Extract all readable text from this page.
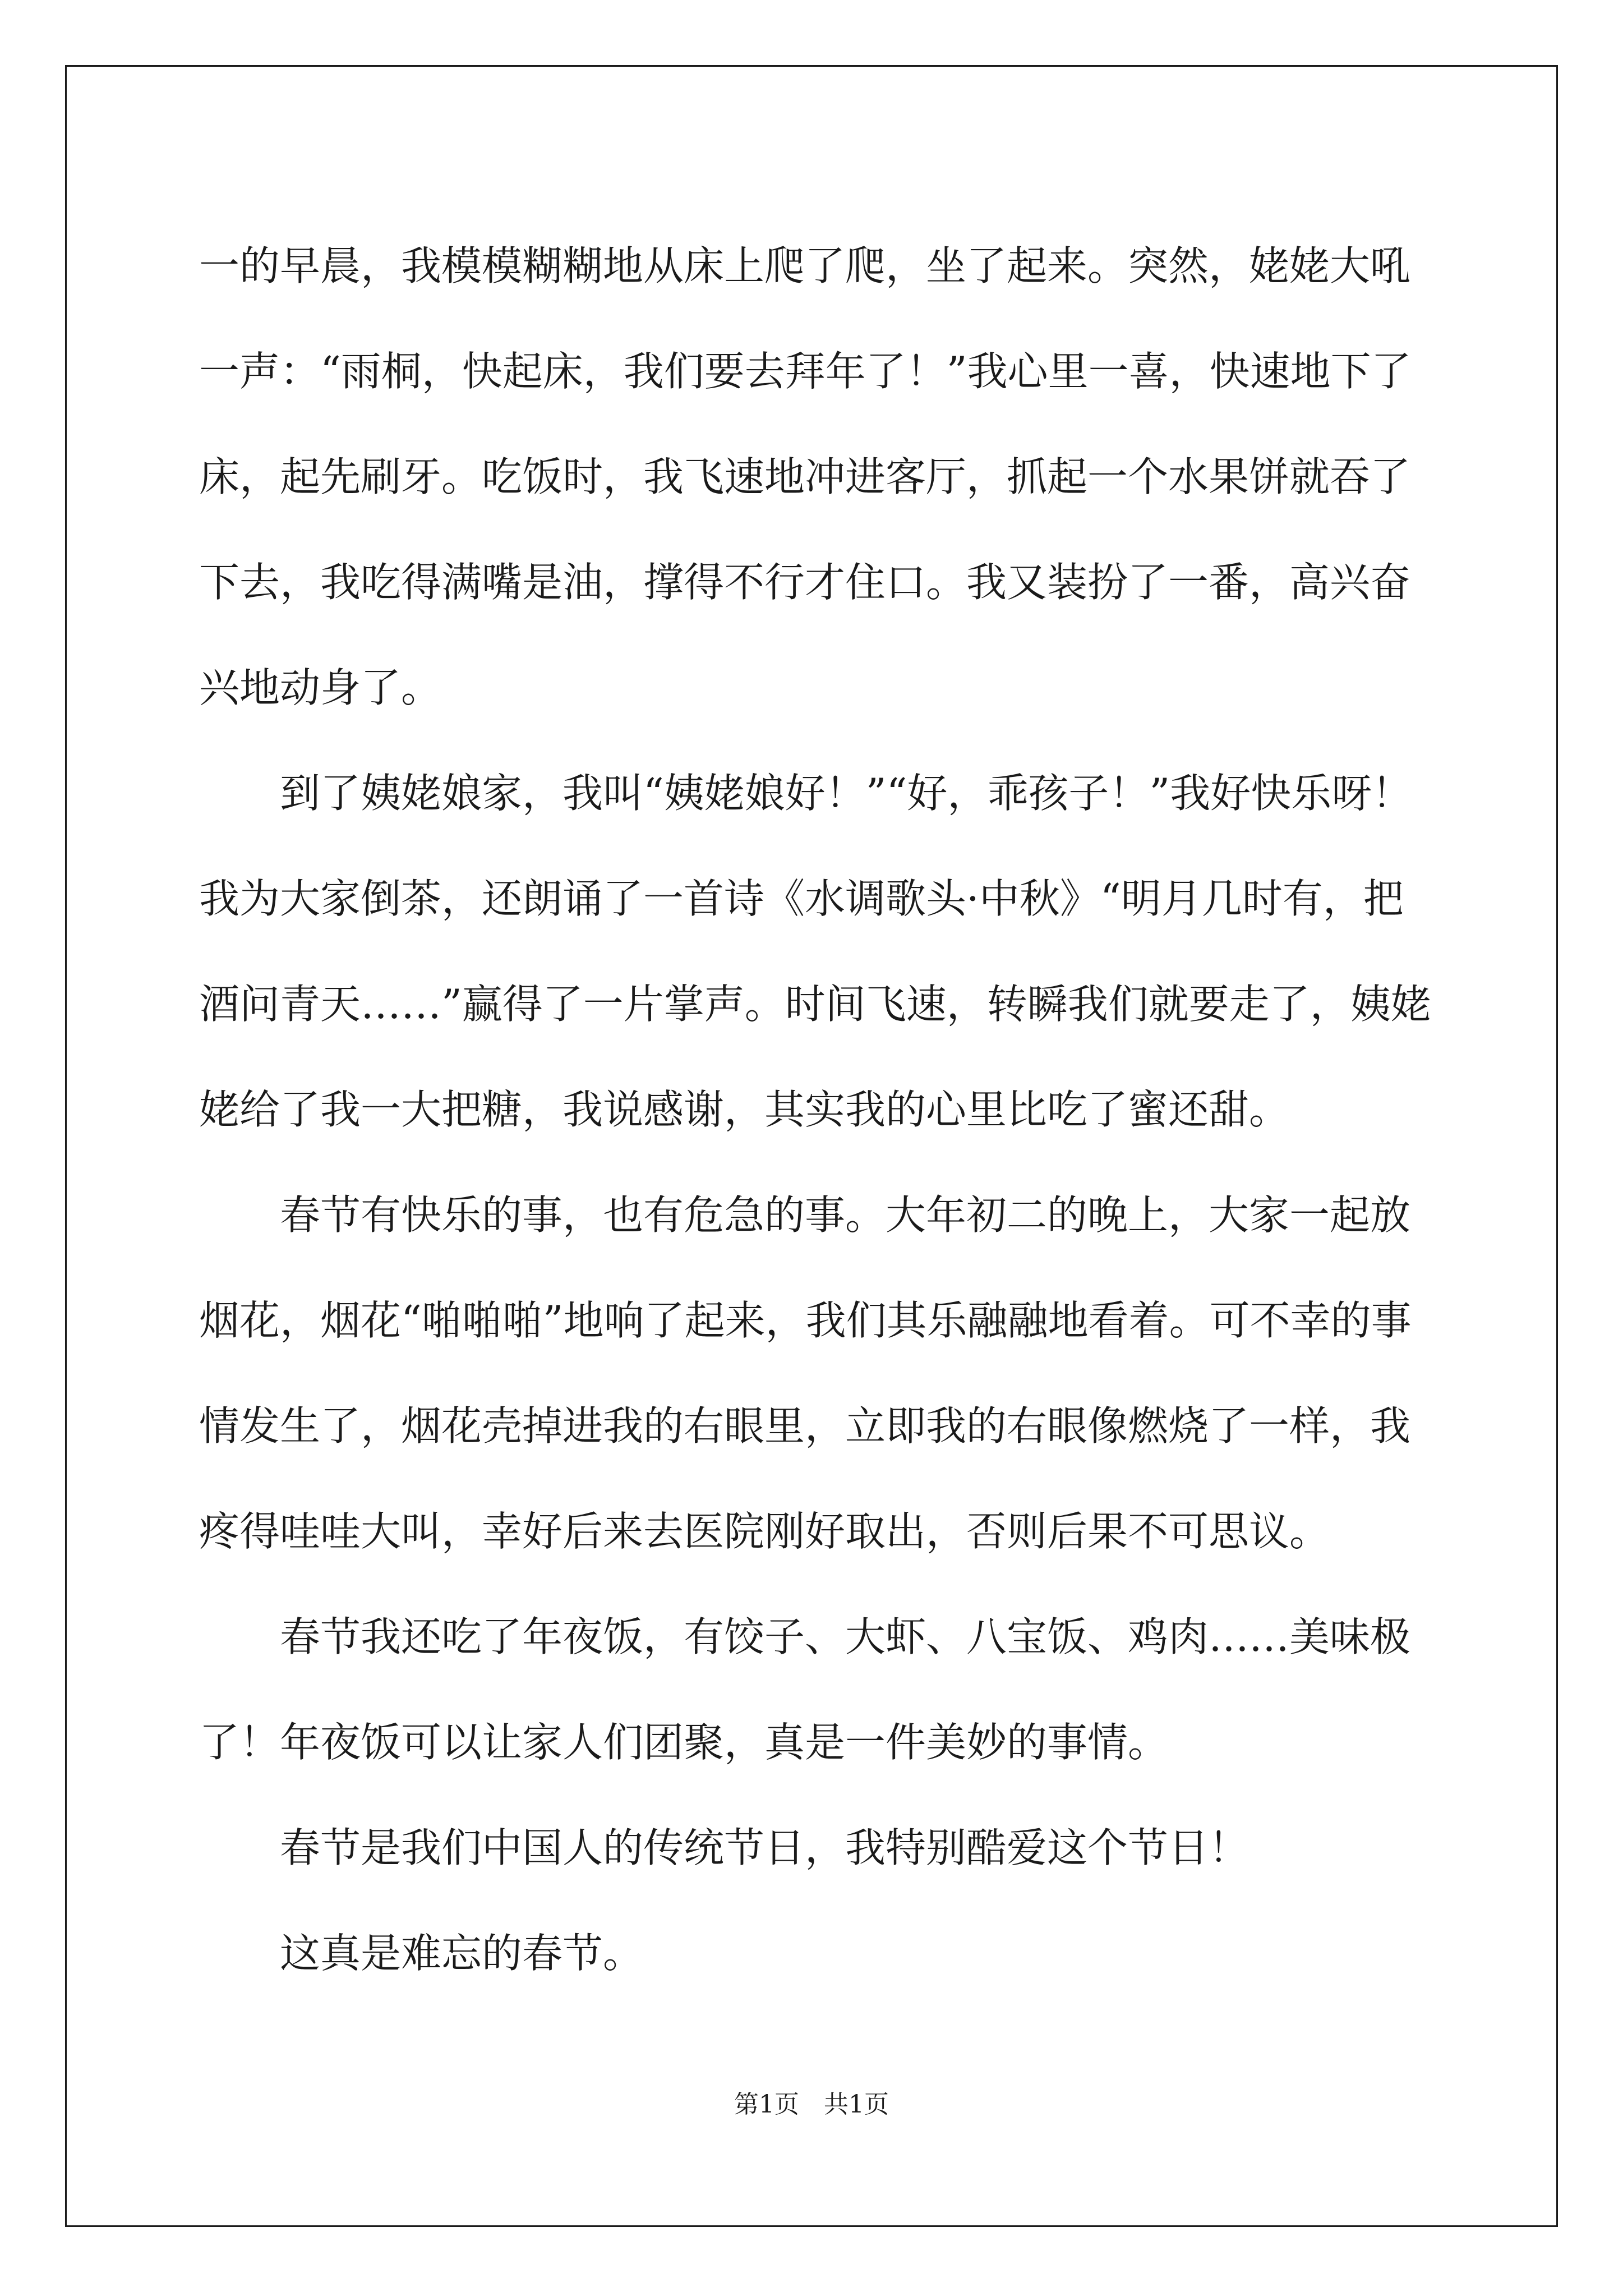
一的早晨，我模模糊糊地从床上爬了爬，坐了起来。突然，姥姥大吼一声：“雨桐，快起床，我们要去拜年了！”我心里一喜，快速地下了床，起先刷牙。吃饭时，我飞速地冲进客厅，抓起一个水果饼就吞了下去，我吃得满嘴是油，撑得不行才住口。我又装扮了一番，高兴奋兴地动身了。

到了姨姥娘家，我叫“姨姥娘好！”“好，乖孩子！”我好快乐呀！我为大家倒茶，还朗诵了一首诗《水调歌头·中秋》“明月几时有，把酒问青天……”赢得了一片掌声。时间飞速，转瞬我们就要走了，姨姥姥给了我一大把糖，我说感谢，其实我的心里比吃了蜜还甜。

春节有快乐的事，也有危急的事。大年初二的晚上，大家一起放烟花，烟花“啪啪啪”地响了起来，我们其乐融融地看着。可不幸的事情发生了，烟花壳掉进我的右眼里，立即我的右眼像燃烧了一样，我疼得哇哇大叫，幸好后来去医院刚好取出，否则后果不可思议。

春节我还吃了年夜饭，有饺子、大虾、八宝饭、鸡肉……美味极了！年夜饭可以让家人们团聚，真是一件美妙的事情。

春节是我们中国人的传统节日，我特别酷爱这个节日！

这真是难忘的春节。

第1页　共1页
